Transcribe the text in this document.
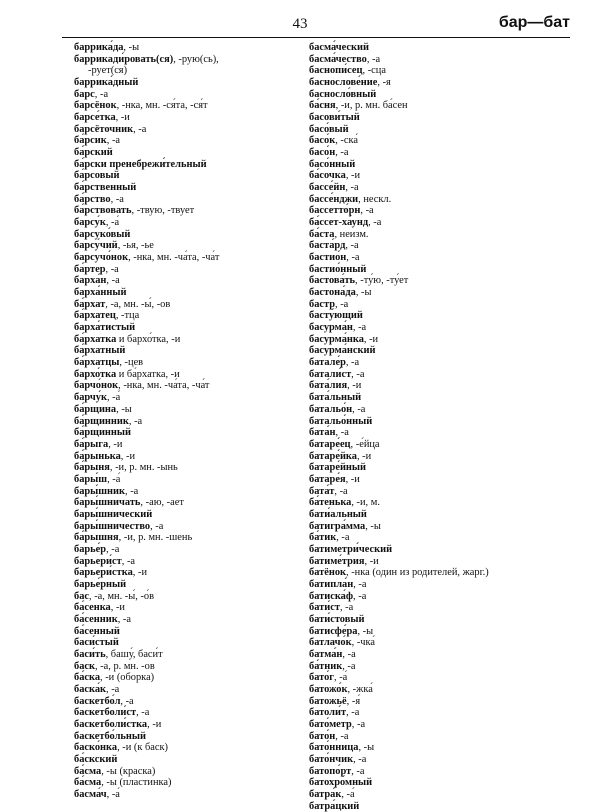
43	бар—бат
баррика́да, -ы
баррикади́ровать(ся), -рую(сь),
-рует(ся)
баррика́дный
барс, -а
барсёнок, -нка, мн. -ся́та, -ся́т
барсе́тка, -и
барсёточник, -а
ба́рсик, -а
ба́рский
ба́рски пренебрежи́тельный
ба́рсовый
ба́рственный
ба́рство, -а
ба́рствовать, -твую, -твует
барсу́к, -а́
барсуко́вый
барсу́чий, -ья, -ье
барсучо́нок, -нка, мн. -ча́та, -ча́т
ба́ртер, -а
барха́н, -а
барха́нный
ба́рхат, -а, мн. -ы́, -ов
ба́рхатец, -тца
барха́тистый
ба́рхатка и бархо́тка, -и
ба́рхатный
ба́рхатцы, -цев
бархо́тка и ба́рхатка, -и
барчо́нок, -нка, мн. -ча́та, -ча́т
барчу́к, -а́
ба́рщина, -ы
ба́рщинник, -а
ба́рщинный
ба́рыга, -и
ба́рынька, -и
ба́рыня, -и, р. мн. -ынь
бары́ш, -а́
бары́шник, -а
бары́шничать, -аю, -ает
бары́шнический
бары́шничество, -а
ба́рышня, -и, р. мн. -шень
барье́р, -а
барьери́ст, -а
барьери́стка, -и
барье́рный
бас, -а, мн. -ы́, -о́в
ба́сенка, -и
ба́сенник, -а
ба́сенный
баси́стый
баси́ть, башу́, баси́т
баск, -а, р. мн. -ов
ба́ска, -и (оборка)
баска́к, -а
баскетбо́л, -а
баскетболи́ст, -а
баскетболи́стка, -и
баскетбо́льный
баско́нка, -и (к баск)
ба́скский
ба́сма, -ы (краска)
ба́сма, -ы (пластинка)
басма́ч, -а́
басма́ческий
басма́чество, -а
баснопи́сец, -сца
баснослове́ние, -я
басносло́вный
ба́сня, -и, р. мн. ба́сен
басови́тый
басо́вый
басо́к, -ска́
басо́н, -а
басо́нный
ба́сочка, -и
бассе́йн, -а
бассе́нджи, нескл.
бассетто́рн, -а
ба́ссет-ха́унд, -а
ба́ста, неизм.
баста́рд, -а
бастио́н, -а
бастио́нный
бастова́ть, -ту́ю, -ту́ет
бастона́да, -ы
бастр, -а
басту́ющий
басурма́н, -а
басурма́нка, -и
басурма́нский
батале́р, -а
батали́ст, -а
бата́лия, -и
бата́льный
батальо́н, -а
батальо́нный
бата́н, -а
батаре́ец, -е́йца
батаре́йка, -и
батаре́йный
батаре́я, -и
бата́т, -а
ба́тенька, -и, м.
бати́альный
батигра́мма, -ы
ба́тик, -а
батиметри́ческий
батиме́трия, -и
батёнок, -нка (один из родителей, жарг.)
батипла́н, -а
батиска́ф, -а
бати́ст, -а
бати́стовый
батисфе́ра, -ы
батлачо́к, -чка́
батма́н, -а
ба́тник, -а
бато́г, -а́
батожо́к, -жка́
батожьё, -я́
батоли́т, -а
бато́метр, -а
бато́н, -а
бато́нница, -ы
бато́нчик, -а
батопо́рт, -а
батохро́мный
батра́к, -а́
батра́цкий
